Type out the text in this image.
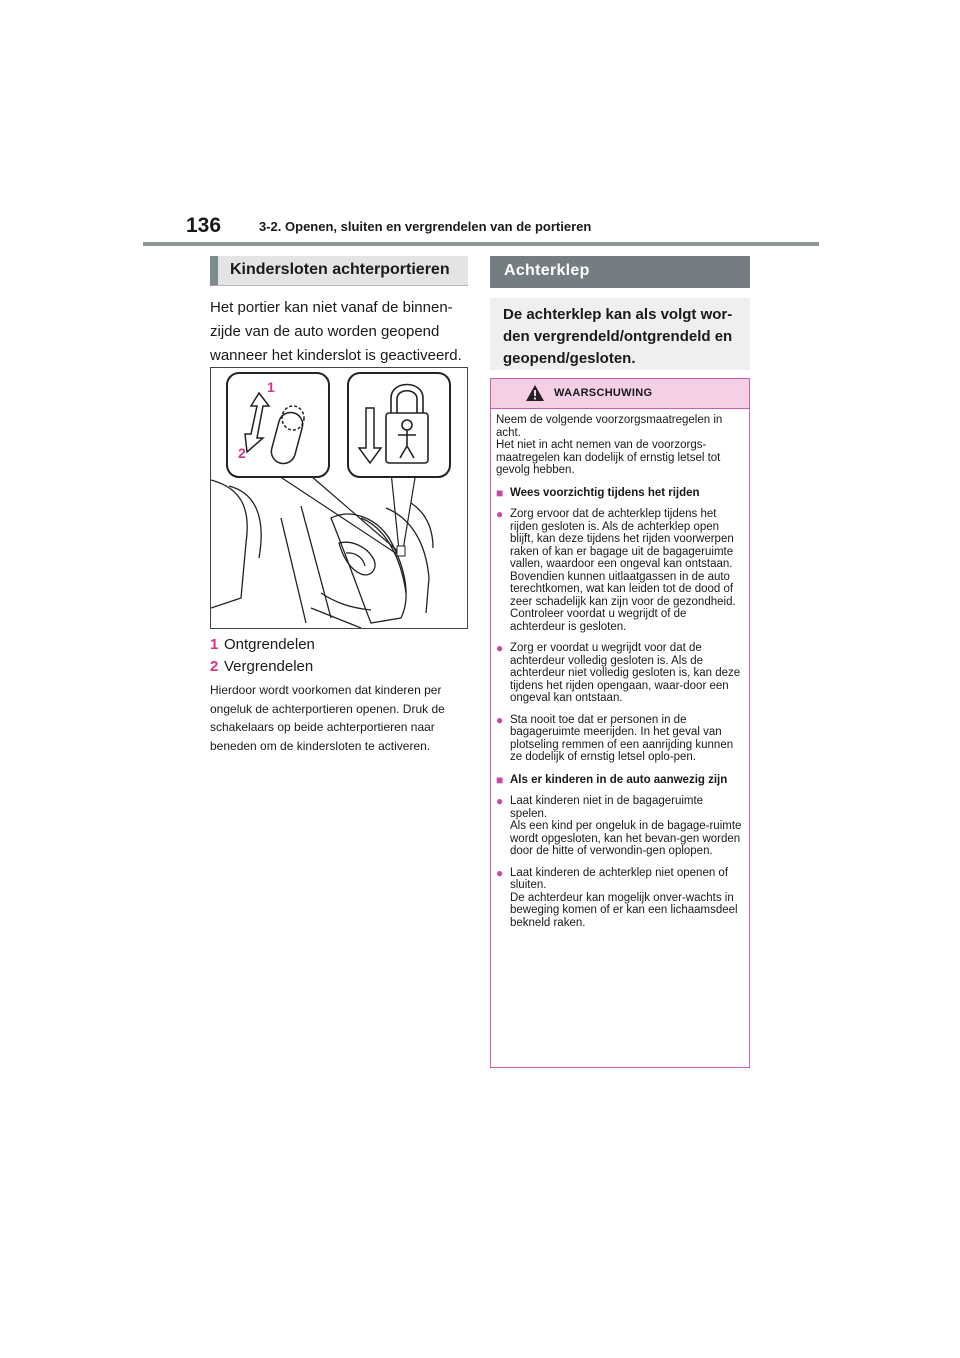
136	3-2. Openen, sluiten en vergrendelen van de portieren
Kindersloten achterportieren
Het portier kan niet vanaf de binnen-zijde van de auto worden geopend wanneer het kinderslot is geactiveerd.
1
2
1 Ontgrendelen
2 Vergrendelen
Hierdoor wordt voorkomen dat kinderen per ongeluk de achterportieren openen. Druk de schakelaars op beide achterportieren naar beneden om de kindersloten te activeren.
Achterklep
De achterklep kan als volgt wor-den vergrendeld/ontgrendeld en geopend/gesloten.
WAARSCHUWING

Neem de volgende voorzorgsmaatregelen in acht.

Het niet in acht nemen van de voorzorgs-maatregelen kan dodelijk of ernstig letsel tot gevolg hebben.

■ Wees voorzichtig tijdens het rijden
● Zorg ervoor dat de achterklep tijdens het rijden gesloten is. Als de achterklep open blijft, kan deze tijdens het rijden voorwerpen raken of kan er bagage uit de bagageruimte vallen, waardoor een ongeval kan ontstaan.

Bovendien kunnen uitlaatgassen in de auto terechtkomen, wat kan leiden tot de dood of zeer schadelijk kan zijn voor de gezondheid. Controleer voordat u wegrijdt of de achterdeur is gesloten.

● Zorg er voordat u wegrijdt voor dat de achterdeur volledig gesloten is. Als de achterdeur niet volledig gesloten is, kan deze tijdens het rijden opengaan, waar-door een ongeval kan ontstaan.

● Sta nooit toe dat er personen in de bagageruimte meerijden. In het geval van plotseling remmen of een aanrijding kunnen ze dodelijk of ernstig letsel oplo-pen.

■ Als er kinderen in de auto aanwezig zijn
● Laat kinderen niet in de bagageruimte spelen.

Als een kind per ongeluk in de bagage-ruimte wordt opgesloten, kan het bevan-gen worden door de hitte of verwondin-gen oplopen.

● Laat kinderen de achterklep niet openen of sluiten.

De achterdeur kan mogelijk onver-wachts in beweging komen of er kan een lichaamsdeel bekneld raken.
